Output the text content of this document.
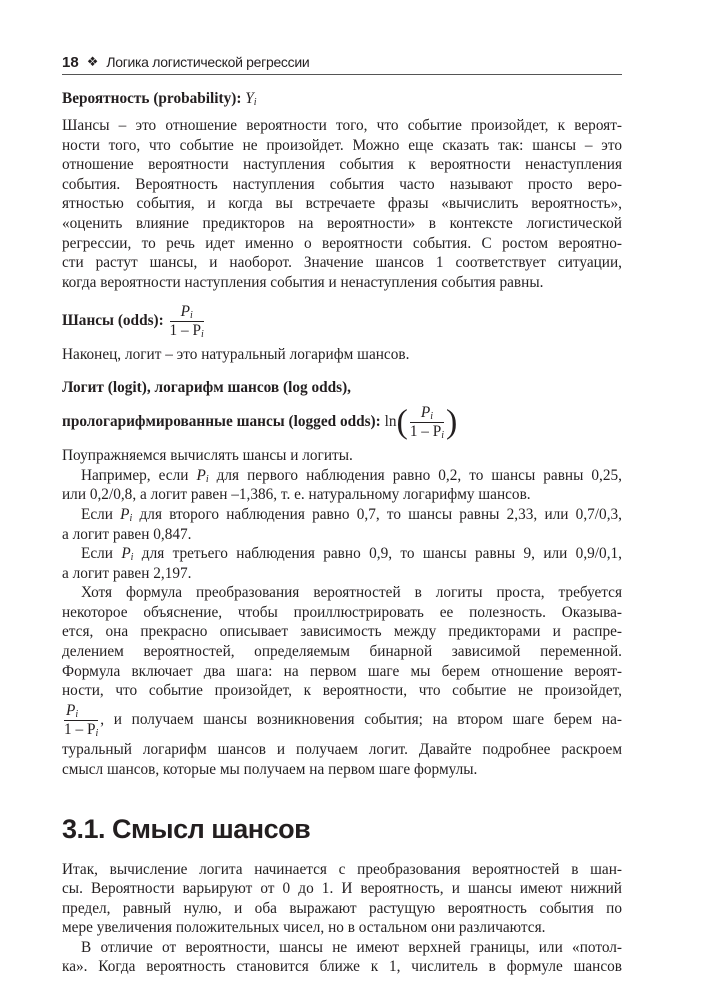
18 ❖ Логика логистической регрессии
Вероятность (probability): $Y_i$
Шансы – это отношение вероятности того, что событие произойдет, к вероят-
ности того, что событие не произойдет. Можно еще сказать так: шансы – это
отношение вероятности наступления события к вероятности ненаступления
события. Вероятность наступления события часто называют просто веро-
ятностью события, и когда вы встречаете фразы «вычислить вероятность»,
«оценить влияние предикторов на вероятности» в контексте логистической
регрессии, то речь идет именно о вероятности события. С ростом вероятно-
сти растут шансы, и наоборот. Значение шансов 1 соответствует ситуации,
когда вероятности наступления события и ненаступления события равны.
Шансы (odds): $\frac{P_i}{1 - P_i}$
Наконец, логит – это натуральный логарифм шансов.
Логит (logit), логарифм шансов (log odds),
прологарифмированные шансы (logged odds): $\ln( \frac{P_i}{1 - P_i}$ )
Поупражняемся вычислять шансы и логиты.
Например, если $P_i$ для первого наблюдения равно 0,2, то шансы равны 0,25,
или 0,2/0,8, а логит равен –1,386, т. е. натуральному логарифму шансов.
Если $P_i$ для второго наблюдения равно 0,7, то шансы равны 2,33, или 0,7/0,3,
а логит равен 0,847.
Если $P_i$ для третьего наблюдения равно 0,9, то шансы равны 9, или 0,9/0,1,
а логит равен 2,197.
Хотя формула преобразования вероятностей в логиты проста, требуется
некоторое объяснение, чтобы проиллюстрировать ее полезность. Оказыва-
ется, она прекрасно описывает зависимость между предикторами и распре-
делением вероятностей, определяемым бинарной зависимой переменной.
Формула включает два шага: на первом шаге мы берем отношение вероят-
ности, что событие произойдет, к вероятности, что событие не произойдет,
$\frac{P_i}{1 - P_i}$ , и получаем шансы возникновения события; на втором шаге берем на-
туральный логарифм шансов и получаем логит. Давайте подробнее раскроем
смысл шансов, которые мы получаем на первом шаге формулы.
3.1. Смысл шансов
Итак, вычисление логита начинается с преобразования вероятностей в шан-
сы. Вероятности варьируют от 0 до 1. И вероятность, и шансы имеют нижний
предел, равный нулю, и оба выражают растущую вероятность события по
мере увеличения положительных чисел, но в остальном они различаются.
В отличие от вероятности, шансы не имеют верхней границы, или «потол-
ка». Когда вероятность становится ближе к 1, числитель в формуле шансов
